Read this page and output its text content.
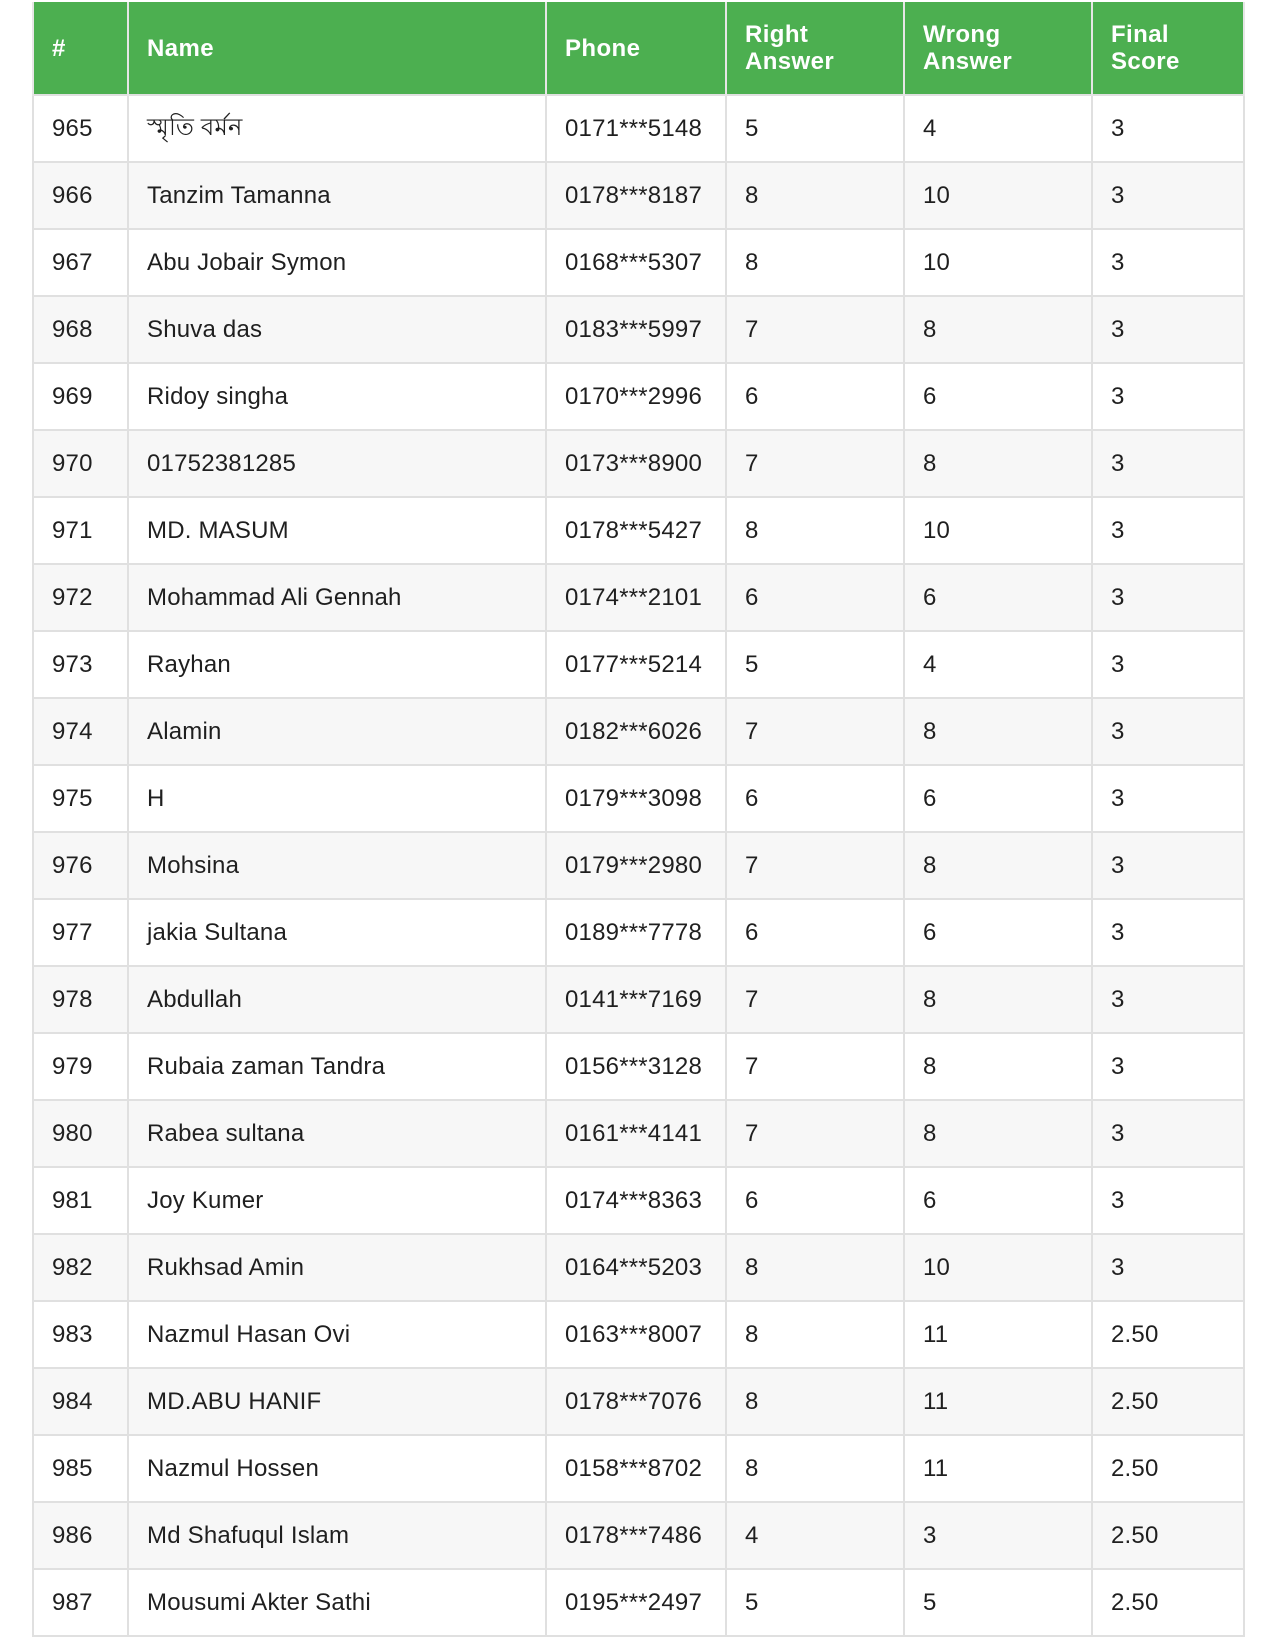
#	Name	Phone	Right Answer	Wrong Answer	Final Score
965	স্মৃতি বর্মন	0171***5148	5	4	3
966	Tanzim Tamanna	0178***8187	8	10	3
967	Abu Jobair Symon	0168***5307	8	10	3
968	Shuva das	0183***5997	7	8	3
969	Ridoy singha	0170***2996	6	6	3
970	01752381285	0173***8900	7	8	3
971	MD. MASUM	0178***5427	8	10	3
972	Mohammad Ali Gennah	0174***2101	6	6	3
973	Rayhan	0177***5214	5	4	3
974	Alamin	0182***6026	7	8	3
975	H	0179***3098	6	6	3
976	Mohsina	0179***2980	7	8	3
977	jakia Sultana	0189***7778	6	6	3
978	Abdullah	0141***7169	7	8	3
979	Rubaia zaman Tandra	0156***3128	7	8	3
980	Rabea sultana	0161***4141	7	8	3
981	Joy Kumer	0174***8363	6	6	3
982	Rukhsad Amin	0164***5203	8	10	3
983	Nazmul Hasan Ovi	0163***8007	8	11	2.50
984	MD.ABU HANIF	0178***7076	8	11	2.50
985	Nazmul Hossen	0158***8702	8	11	2.50
986	Md Shafuqul Islam	0178***7486	4	3	2.50
987	Mousumi Akter Sathi	0195***2497	5	5	2.50
